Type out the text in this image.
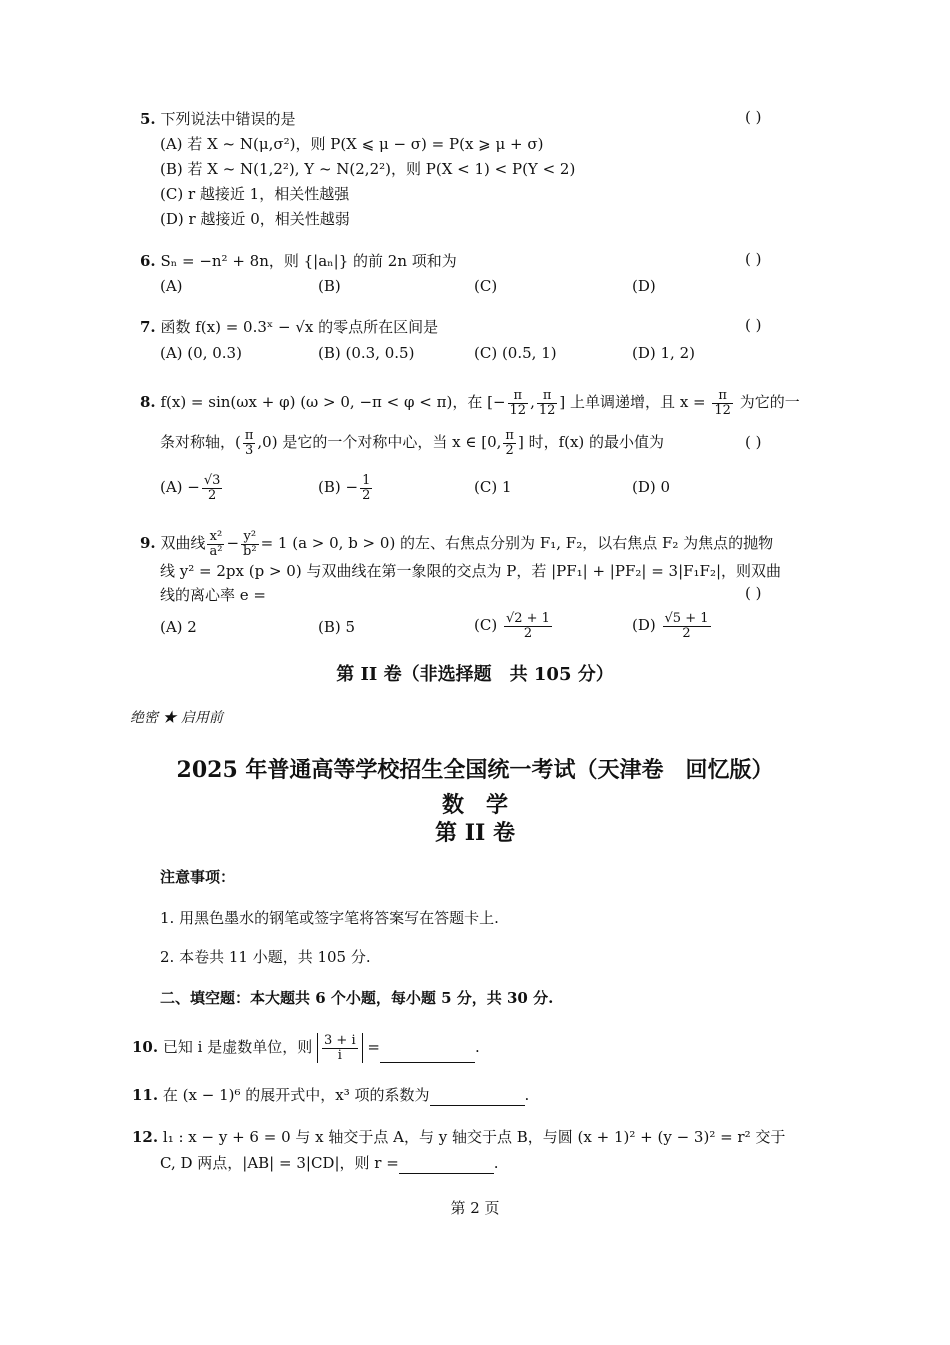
5. 下列说法中错误的是	( )
(A) 若 X ~ N(μ,σ²)，则 P(X ⩽ μ − σ) = P(x ⩾ μ + σ)
(B) 若 X ~ N(1,2²), Y ~ N(2,2²)，则 P(X < 1) < P(Y < 2)
(C) r 越接近 1，相关性越强
(D) r 越接近 0，相关性越弱
6. Sₙ = −n² + 8n，则 {|aₙ|} 的前 2n 项和为	( )
(A)	(B)	(C)	(D)
7. 函数 f(x) = 0.3ˣ − √x 的零点所在区间是	( )
(A) (0, 0.3)	(B) (0.3, 0.5)	(C) (0.5, 1)	(D) 1, 2)
8. f(x) = sin(ωx + φ) (ω > 0, −π < φ < π)，在 [− $\frac{\pi}{12}$ , $\frac{\pi}{12}$ ] 上单调递增，且 $x = \frac{\pi}{12}$ 为它的一
条对称轴，( $\frac{\pi}{3} ,0$) 是它的一个对称中心，当 x ∈ [0, $\frac{\pi}{2}$ ] 时，f(x) 的最小值为	( )
$(A) - \frac{√3}{2}$	$(B) - \frac{1}{2}$	(C) 1	(D) 0
9. 双曲线 $\frac{\text{x²}}{\text{a²}} - \frac{\text{y²}}{\text{b²}} = 1$ (a > 0, b > 0) 的左、右焦点分别为 F₁, F₂，以右焦点 F₂ 为焦点的抛物
线 y² = 2px (p > 0) 与双曲线在第一象限的交点为 P，若 |PF₁| + |PF₂| = 3|F₁F₂|，则双曲
线的离心率 e =	( )
(A) 2	(B) 5	$(C) \frac{√2 + 1}{2}$	$(D) \frac{√5 + 1}{2}$
第 II 卷（非选择题　共 105 分）
绝密 ★ 启用前
2025 年普通高等学校招生全国统一考试（天津卷　回忆版）
数　学
第 II 卷
注意事项：
1. 用黑色墨水的钢笔或签字笔将答案写在答题卡上.
2. 本卷共 11 小题，共 105 分.
二、填空题：本大题共 6 个小题，每小题 5 分，共 30 分.
10. 已知 i 是虚数单位，则 $\frac{3 + i}{i}$ =	.
11. 在 (x − 1)⁶ 的展开式中，x³ 项的系数为	.
12. l₁ : x − y + 6 = 0 与 x 轴交于点 A，与 y 轴交于点 B，与圆 (x + 1)² + (y − 3)² = r² 交于
C, D 两点，|AB| = 3|CD|，则 r =	.
第 2 页
